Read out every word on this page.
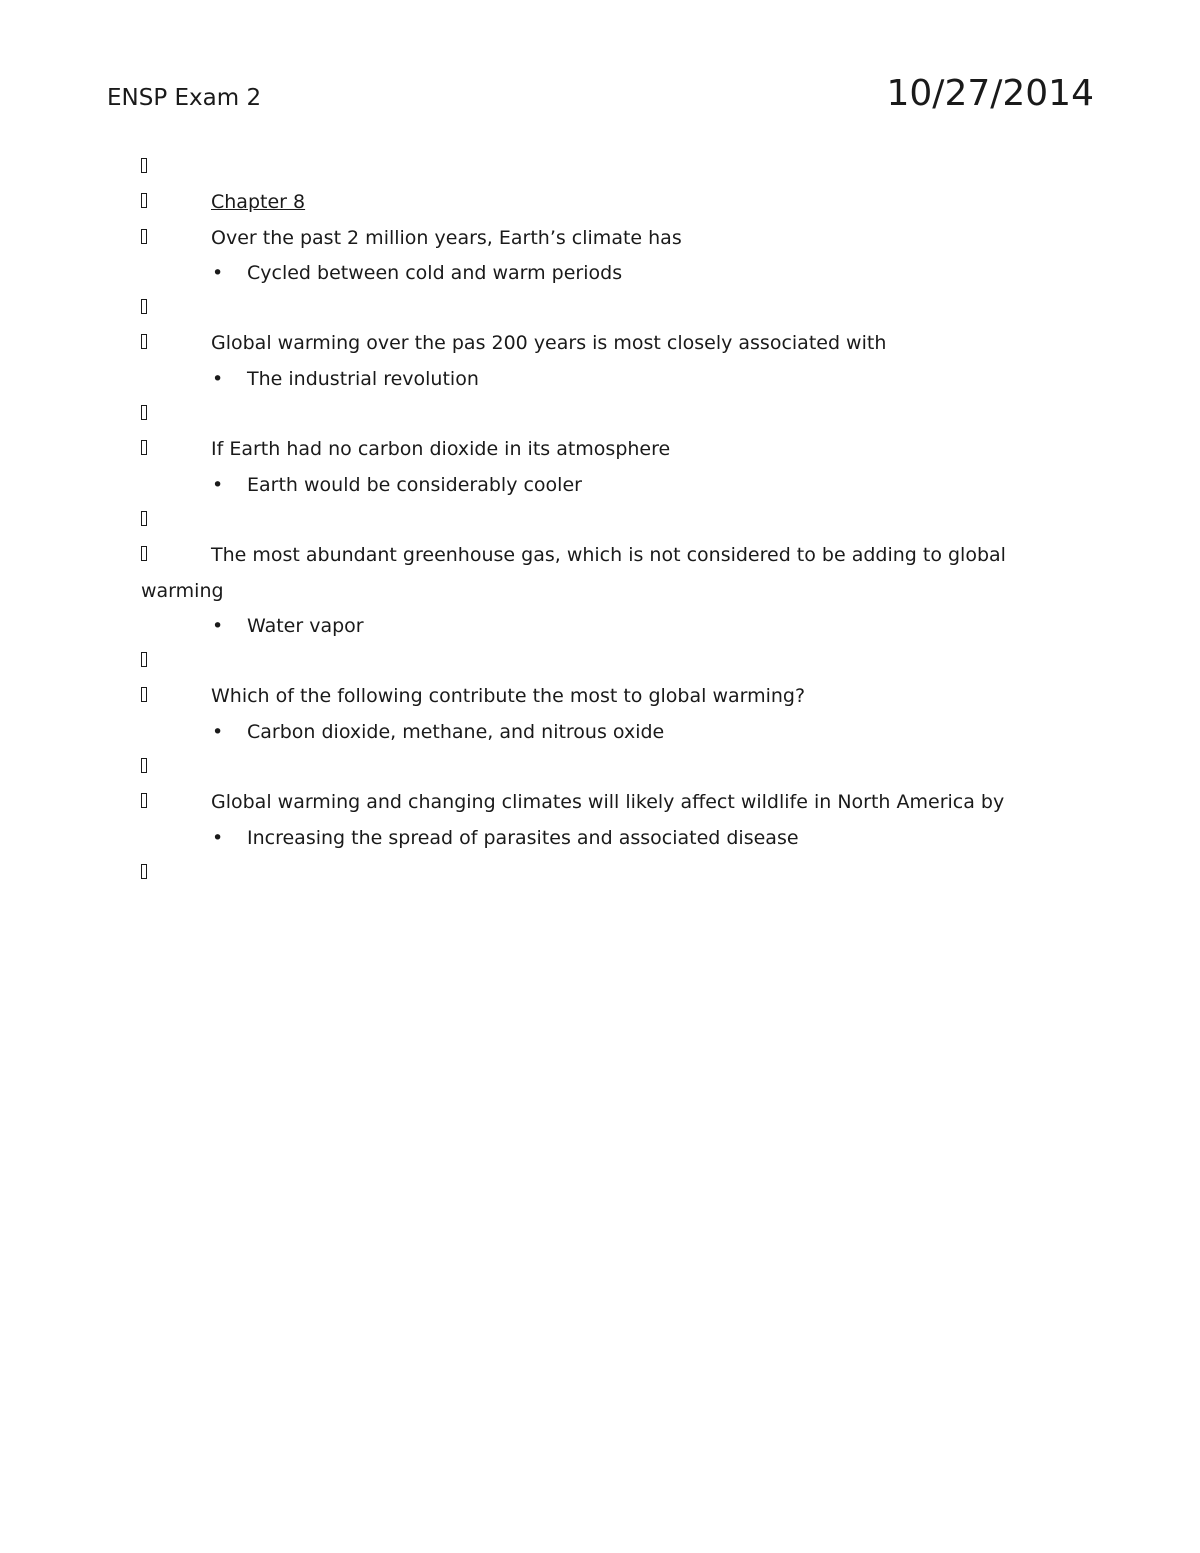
ENSP Exam 2	10/27/2014
Chapter 8
Over the past 2 million years, Earth’s climate has
• Cycled between cold and warm periods
Global warming over the pas 200 years is most closely associated with
• The industrial revolution
If Earth had no carbon dioxide in its atmosphere
• Earth would be considerably cooler
The most abundant greenhouse gas, which is not considered to be adding to global warming
• Water vapor
Which of the following contribute the most to global warming?
• Carbon dioxide, methane, and nitrous oxide
Global warming and changing climates will likely affect wildlife in North America by
• Increasing the spread of parasites and associated disease
